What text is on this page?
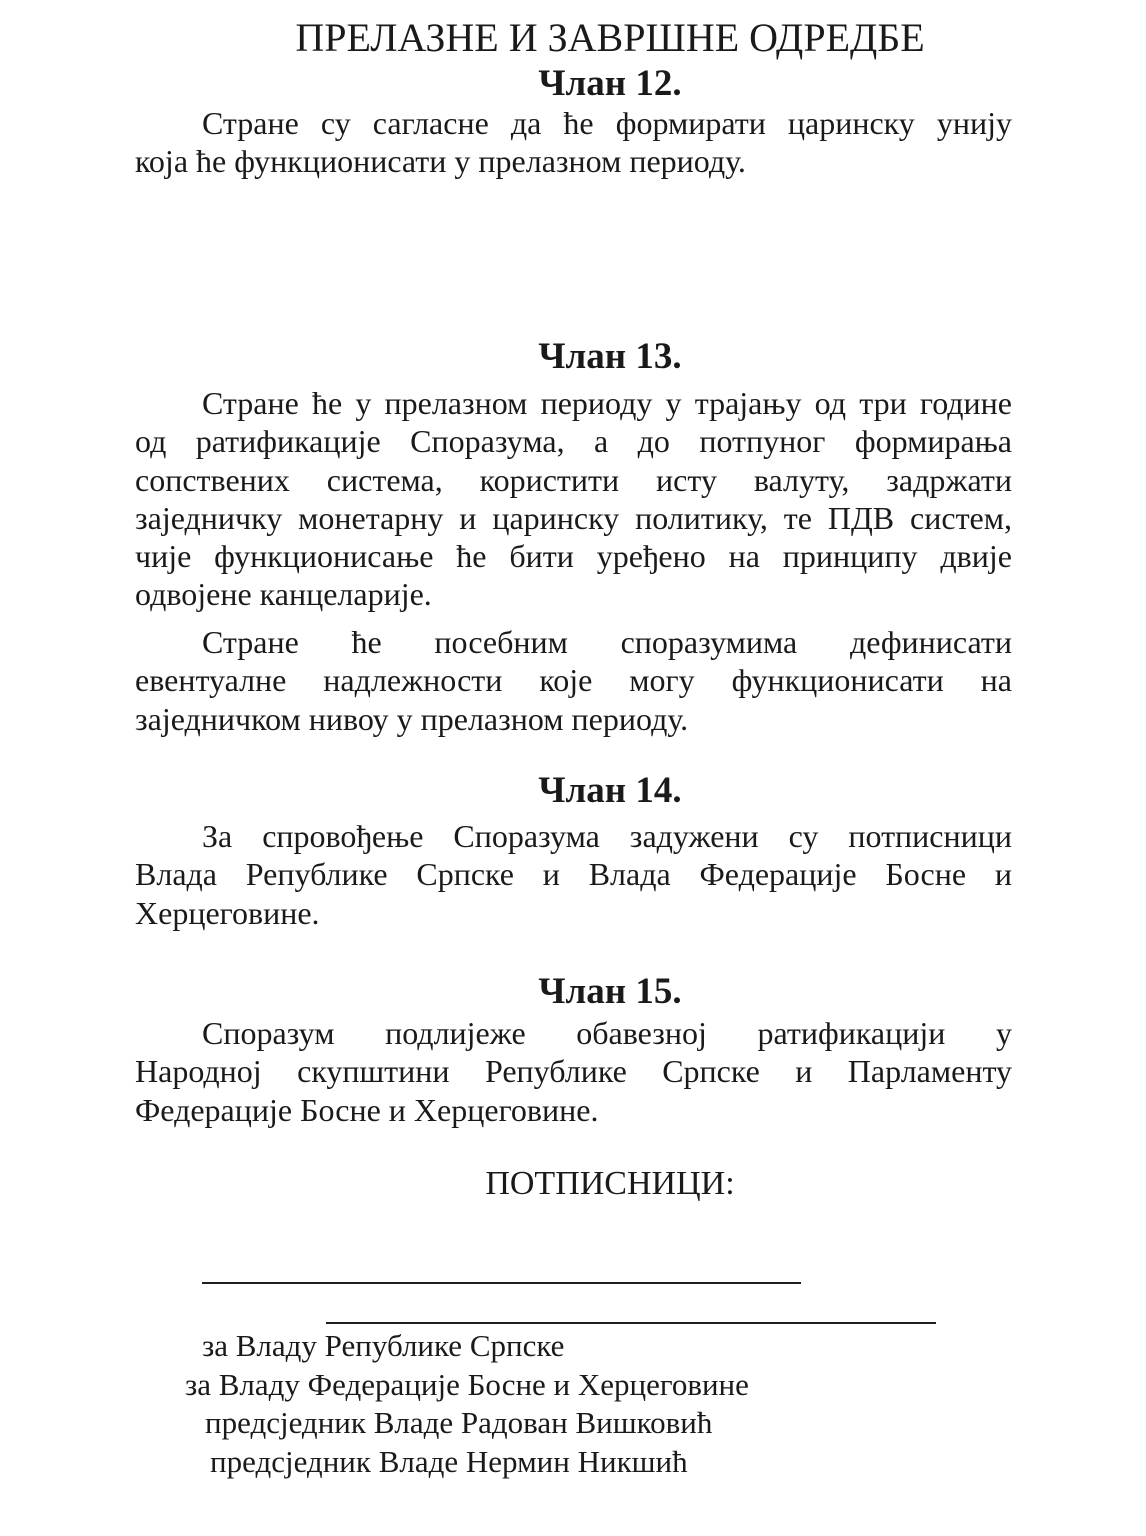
ПРЕЛАЗНЕ И ЗАВРШНЕ ОДРЕДБЕ
Члан 12.
Стране су сагласне да ће формирати царинску унију
која ће функционисати у прелазном периоду.
Члан 13.
Стране ће у прелазном периоду у трајању од три године
од ратификације Споразума, а до потпуног формирања
сопствених система, користити исту валуту, задржати
заједничку монетарну и царинску политику, те ПДВ систем,
чије функционисање ће бити уређено на принципу двије
одвојене канцеларије.
Стране ће посебним споразумима дефинисати
евентуалне надлежности које могу функционисати на
заједничком нивоу у прелазном периоду.
Члан 14.
За спровођење Споразума задужени су потписници
Влада Републике Српске и Влада Федерације Босне и
Херцеговине.
Члан 15.
Споразум подлијеже обавезној ратификацији у
Народној скупштини Републике Српске и Парламенту
Федерације Босне и Херцеговине.
ПОТПИСНИЦИ:
за Владу Републике Српске
за Владу Федерације Босне и Херцеговине
предсједник Владе Радован Вишковић
предсједник Владе Нермин Никшић
